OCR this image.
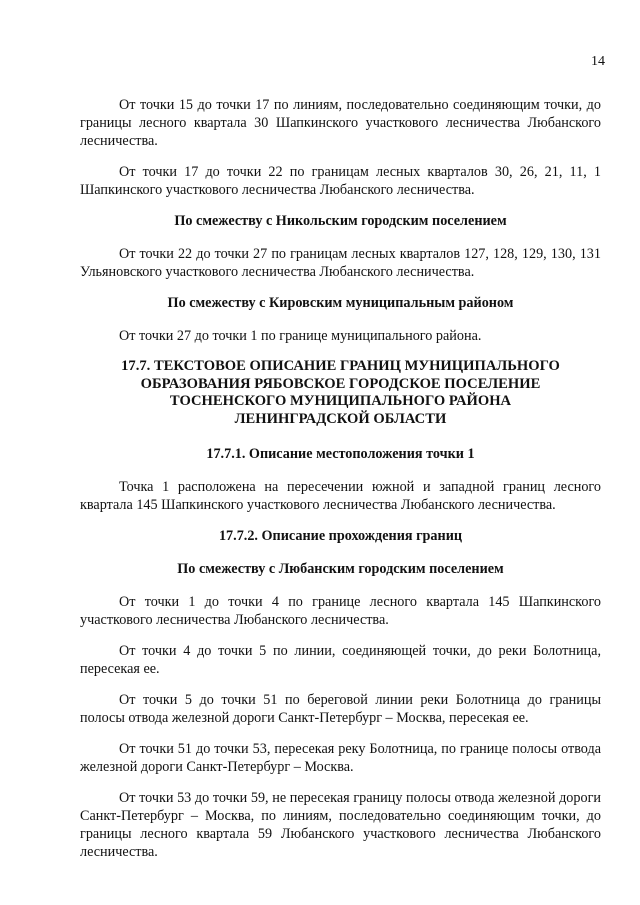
14

От точки 15 до точки 17 по линиям, последовательно соединяющим точки, до границы лесного квартала 30 Шапкинского участкового лесничества Любанского лесничества.

От точки 17 до точки 22 по границам лесных кварталов 30, 26, 21, 11, 1 Шапкинского участкового лесничества Любанского лесничества.

По смежеству с Никольским городским поселением

От точки 22 до точки 27 по границам лесных кварталов 127, 128, 129, 130, 131 Ульяновского участкового лесничества Любанского лесничества.

По смежеству с Кировским муниципальным районом

От точки 27 до точки 1 по границе муниципального района.

17.7. ТЕКСТОВОЕ ОПИСАНИЕ ГРАНИЦ МУНИЦИПАЛЬНОГО
ОБРАЗОВАНИЯ РЯБОВСКОЕ ГОРОДСКОЕ ПОСЕЛЕНИЕ
ТОСНЕНСКОГО МУНИЦИПАЛЬНОГО РАЙОНА
ЛЕНИНГРАДСКОЙ ОБЛАСТИ
17.7.1. Описание местоположения точки 1

Точка 1 расположена на пересечении южной и западной границ лесного квартала 145 Шапкинского участкового лесничества Любанского лесничества.

17.7.2. Описание прохождения границ
По смежеству с Любанским городским поселением

От точки 1 до точки 4 по границе лесного квартала 145 Шапкинского участкового лесничества Любанского лесничества.

От точки 4 до точки 5 по линии, соединяющей точки, до реки Болотница, пересекая ее.

От точки 5 до точки 51 по береговой линии реки Болотница до границы полосы отвода железной дороги Санкт-Петербург – Москва, пересекая ее.

От точки 51 до точки 53, пересекая реку Болотница, по границе полосы отвода железной дороги Санкт-Петербург – Москва.

От точки 53 до точки 59, не пересекая границу полосы отвода железной дороги Санкт-Петербург – Москва, по линиям, последовательно соединяющим точки, до границы лесного квартала 59 Любанского участкового лесничества Любанского лесничества.
